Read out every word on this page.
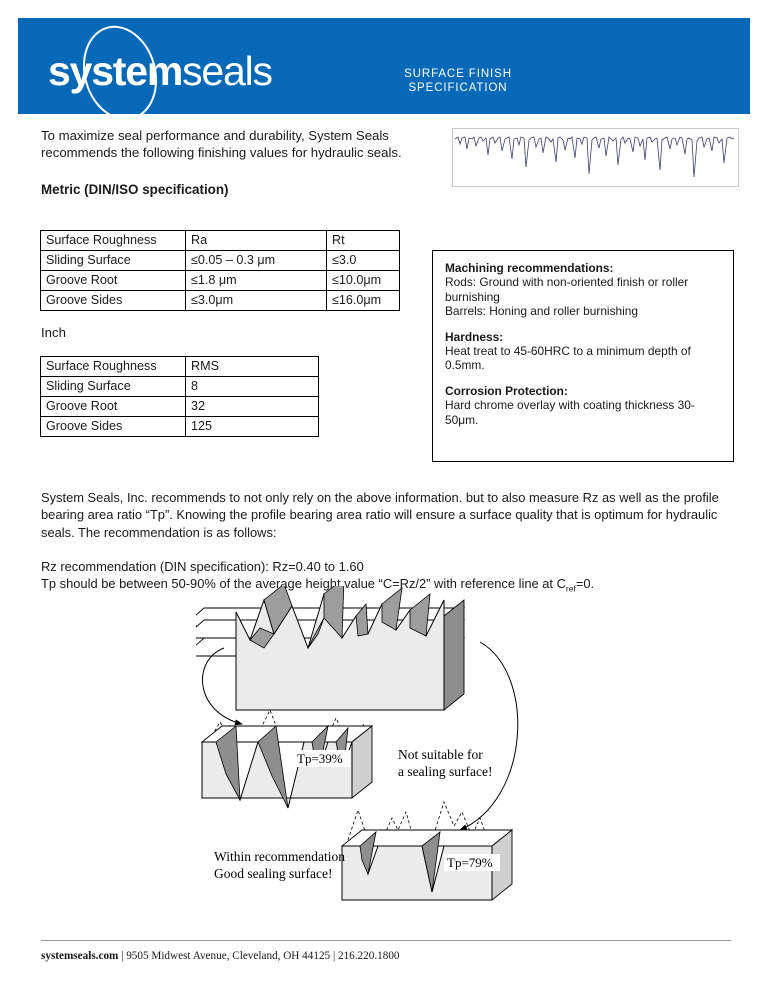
systemseals	SURFACE FINISH
SPECIFICATION
To maximize seal performance and durability, System Seals recommends the following finishing values for hydraulic seals.
Metric (DIN/ISO specification)
Surface Roughness	Ra	Rt
Sliding Surface	≤0.05 – 0.3 μm	≤3.0
Groove Root	≤1.8 μm	≤10.0μm
Groove Sides	≤3.0μm	≤16.0μm
Inch
Surface Roughness	RMS
Sliding Surface	8
Groove Root	32
Groove Sides	125
Machining recommendations:
Rods: Ground with non-oriented finish or roller burnishing
Barrels: Honing and roller burnishing
Hardness:
Heat treat to 45-60HRC to a minimum depth of 0.5mm.
Corrosion Protection:
Hard chrome overlay with coating thickness 30-50μm.
System Seals, Inc. recommends to not only rely on the above information. but to also measure Rz as well as the profile bearing area ratio “Tp”. Knowing the profile bearing area ratio will ensure a surface quality that is optimum for hydraulic seals. The recommendation is as follows:
Rz recommendation (DIN specification): Rz=0.40 to 1.60
Tp should be between 50-90% of the average height value “C=Rz/2” with reference line at $C_{ref}=0$.
Tp=39%	Not suitable for
a sealing surface!
Tp=79%
Within recommendation
Good sealing surface!
systemseals.com | 9505 Midwest Avenue, Cleveland, OH 44125 | 216.220.1800
